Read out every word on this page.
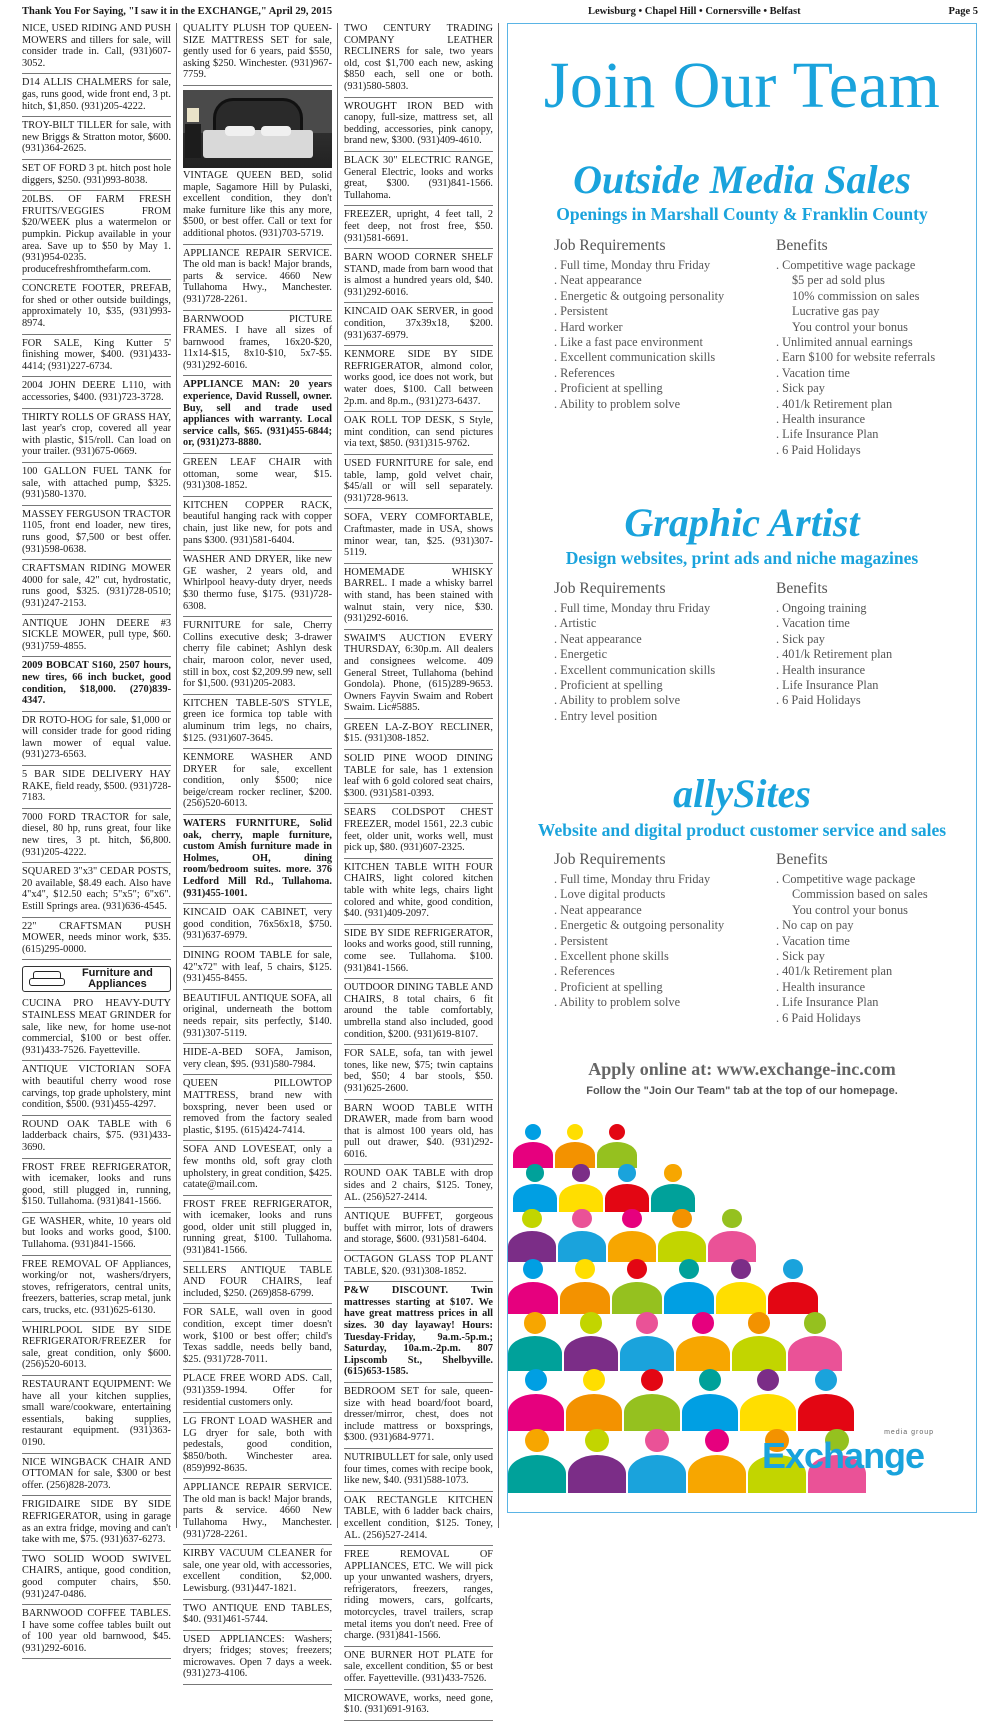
Thank You For Saying, "I saw it in the EXCHANGE," April 29, 2015	Lewisburg • Chapel Hill • Cornersville • Belfast	Page 5
NICE, USED RIDING AND PUSH MOWERS and tillers for sale, will consider trade in. Call, (931)607-3052.
D14 ALLIS CHALMERS for sale, gas, runs good, wide front end, 3 pt. hitch, $1,850. (931)205-4222.
TROY-BILT TILLER for sale, with new Briggs & Stratton motor, $600. (931)364-2625.
SET OF FORD 3 pt. hitch post hole diggers, $250. (931)993-8038.
20LBS. OF FARM FRESH FRUITS/VEGGIES FROM $20/WEEK plus a watermelon or pumpkin. Pickup available in your area. Save up to $50 by May 1. (931)954-0235. producefreshfromthefarm.com.
CONCRETE FOOTER, PREFAB, for shed or other outside buildings, approximately 10, $35, (931)993-8974.
FOR SALE, King Kutter 5' finishing mower, $400. (931)433-4414; (931)227-6734.
2004 JOHN DEERE L110, with accessories, $400. (931)723-3728.
THIRTY ROLLS OF GRASS HAY, last year's crop, covered all year with plastic, $15/roll. Can load on your trailer. (931)675-0669.
100 GALLON FUEL TANK for sale, with attached pump, $325. (931)580-1370.
MASSEY FERGUSON TRACTOR 1105, front end loader, new tires, runs good, $7,500 or best offer. (931)598-0638.
CRAFTSMAN RIDING MOWER 4000 for sale, 42" cut, hydrostatic, runs good, $325. (931)728-0510; (931)247-2153.
ANTIQUE JOHN DEERE #3 SICKLE MOWER, pull type, $60. (931)759-4855.
2009 BOBCAT S160, 2507 hours, new tires, 66 inch bucket, good condition, $18,000. (270)839-4347.
DR ROTO-HOG for sale, $1,000 or will consider trade for good riding lawn mower of equal value. (931)273-6563.
5 BAR SIDE DELIVERY HAY RAKE, field ready, $500. (931)728-7183.
7000 FORD TRACTOR for sale, diesel, 80 hp, runs great, four like new tires, 3 pt. hitch, $6,800. (931)205-4222.
SQUARED 3"x3" CEDAR POSTS, 20 available, $8.49 each. Also have 4"x4", $12.50 each; 5"x5"; 6"x6". Estill Springs area. (931)636-4545.
22" CRAFTSMAN PUSH MOWER, needs minor work, $35. (615)295-0000.
Furniture and Appliances
CUCINA PRO HEAVY-DUTY STAINLESS MEAT GRINDER for sale, like new, for home use-not commercial, $100 or best offer. (931)433-7526. Fayetteville.
ANTIQUE VICTORIAN SOFA with beautiful cherry wood rose carvings, top grade upholstery, mint condition, $500. (931)455-4297.
ROUND OAK TABLE with 6 ladderback chairs, $75. (931)433-3690.
FROST FREE REFRIGERATOR, with icemaker, looks and runs good, still plugged in, running, $150. Tullahoma. (931)841-1566.
GE WASHER, white, 10 years old but looks and works good, $100. Tullahoma. (931)841-1566.
FREE REMOVAL OF Appliances, working/or not, washers/dryers, stoves, refrigerators, central units, freezers, batteries, scrap metal, junk cars, trucks, etc. (931)625-6130.
WHIRLPOOL SIDE BY SIDE REFRIGERATOR/FREEZER for sale, great condition, only $600. (256)520-6013.
RESTAURANT EQUIPMENT: We have all your kitchen supplies, small ware/cookware, entertaining essentials, baking supplies, restaurant equipment. (931)363-0190.
NICE WINGBACK CHAIR AND OTTOMAN for sale, $300 or best offer. (256)828-2073.
FRIGIDAIRE SIDE BY SIDE REFRIGERATOR, using in garage as an extra fridge, moving and can't take with me, $75. (931)637-6273.
TWO SOLID WOOD SWIVEL CHAIRS, antique, good condition, good computer chairs, $50. (931)247-0486.
BARNWOOD COFFEE TABLES. I have some coffee tables built out of 100 year old barnwood, $45. (931)292-6016.
QUALITY PLUSH TOP QUEEN-SIZE MATTRESS SET for sale, gently used for 6 years, paid $550, asking $250. Winchester. (931)967-7759.
VINTAGE QUEEN BED, solid maple, Sagamore Hill by Pulaski, excellent condition, they don't make furniture like this any more, $500, or best offer. Call or text for additional photos. (931)703-5719.
APPLIANCE REPAIR SERVICE. The old man is back! Major brands, parts & service. 4660 New Tullahoma Hwy., Manchester. (931)728-2261.
BARNWOOD PICTURE FRAMES. I have all sizes of barnwood frames, 16x20-$20, 11x14-$15, 8x10-$10, 5x7-$5. (931)292-6016.
APPLIANCE MAN: 20 years experience, David Russell, owner. Buy, sell and trade used appliances with warranty. Local service calls, $65. (931)455-6844; or, (931)273-8880.
GREEN LEAF CHAIR with ottoman, some wear, $15. (931)308-1852.
KITCHEN COPPER RACK, beautiful hanging rack with copper chain, just like new, for pots and pans $300. (931)581-6404.
WASHER AND DRYER, like new GE washer, 2 years old, and Whirlpool heavy-duty dryer, needs $30 thermo fuse, $175. (931)728-6308.
FURNITURE for sale, Cherry Collins executive desk; 3-drawer cherry file cabinet; Ashlyn desk chair, maroon color, never used, still in box, cost $2,209.99 new, sell for $1,500. (931)205-2083.
KITCHEN TABLE-50'S STYLE, green ice formica top table with aluminum trim legs, no chairs, $125. (931)607-3645.
KENMORE WASHER AND DRYER for sale, excellent condition, only $500; nice beige/cream rocker recliner, $200. (256)520-6013.
WATERS FURNITURE, Solid oak, cherry, maple furniture, custom Amish furniture made in Holmes, OH, dining room/bedroom suites. more. 376 Ledford Mill Rd., Tullahoma. (931)455-1001.
KINCAID OAK CABINET, very good condition, 76x56x18, $750. (931)637-6979.
DINING ROOM TABLE for sale, 42"x72" with leaf, 5 chairs, $125. (931)455-8455.
BEAUTIFUL ANTIQUE SOFA, all original, underneath the bottom needs repair, sits perfectly, $140. (931)307-5119.
HIDE-A-BED SOFA, Jamison, very clean, $95. (931)580-7984.
QUEEN PILLOWTOP MATTRESS, brand new with boxspring, never been used or removed from the factory sealed plastic, $195. (615)424-7414.
SOFA AND LOVESEAT, only a few months old, soft gray cloth upholstery, in great condition, $425. catate@mail.com.
FROST FREE REFRIGERATOR, with icemaker, looks and runs good, older unit still plugged in, running great, $100. Tullahoma. (931)841-1566.
SELLERS ANTIQUE TABLE AND FOUR CHAIRS, leaf included, $250. (269)858-6799.
FOR SALE, wall oven in good condition, except timer doesn't work, $100 or best offer; child's Texas saddle, needs belly band, $25. (931)728-7011.
PLACE FREE WORD ADS. Call, (931)359-1994. Offer for residential customers only.
LG FRONT LOAD WASHER and LG dryer for sale, both with pedestals, good condition, $850/both. Winchester area. (859)992-8635.
APPLIANCE REPAIR SERVICE. The old man is back! Major brands, parts & service. 4660 New Tullahoma Hwy., Manchester. (931)728-2261.
KIRBY VACUUM CLEANER for sale, one year old, with accessories, excellent condition, $2,000. Lewisburg. (931)447-1821.
TWO ANTIQUE END TABLES, $40. (931)461-5744.
USED APPLIANCES: Washers; dryers; fridges; stoves; freezers; microwaves. Open 7 days a week. (931)273-4106.
TWO CENTURY TRADING COMPANY LEATHER RECLINERS for sale, two years old, cost $1,700 each new, asking $850 each, sell one or both. (931)580-5803.
WROUGHT IRON BED with canopy, full-size, mattress set, all bedding, accessories, pink canopy, brand new, $300. (931)409-4610.
BLACK 30" ELECTRIC RANGE, General Electric, looks and works great, $300. (931)841-1566. Tullahoma.
FREEZER, upright, 4 feet tall, 2 feet deep, not frost free, $50. (931)581-6691.
BARN WOOD CORNER SHELF STAND, made from barn wood that is almost a hundred years old, $40. (931)292-6016.
KINCAID OAK SERVER, in good condition, 37x39x18, $200. (931)637-6979.
KENMORE SIDE BY SIDE REFRIGERATOR, almond color, works good, ice does not work, but water does, $100. Call between 2p.m. and 8p.m., (931)273-6437.
OAK ROLL TOP DESK, S Style, mint condition, can send pictures via text, $850. (931)315-9762.
USED FURNITURE for sale, end table, lamp, gold velvet chair, $45/all or will sell separately. (931)728-9613.
SOFA, VERY COMFORTABLE, Craftmaster, made in USA, shows minor wear, tan, $25. (931)307-5119.
HOMEMADE WHISKY BARREL. I made a whisky barrel with stand, has been stained with walnut stain, very nice, $30. (931)292-6016.
SWAIM'S AUCTION EVERY THURSDAY, 6:30p.m. All dealers and consignees welcome. 409 General Street, Tullahoma (behind Gondola). Phone, (615)289-9653. Owners Fayvin Swaim and Robert Swaim. Lic#5885.
GREEN LA-Z-BOY RECLINER, $15. (931)308-1852.
SOLID PINE WOOD DINING TABLE for sale, has 1 extension leaf with 6 gold colored seat chairs, $300. (931)581-0393.
SEARS COLDSPOT CHEST FREEZER, model 1561, 22.3 cubic feet, older unit, works well, must pick up, $80. (931)607-2325.
KITCHEN TABLE WITH FOUR CHAIRS, light colored kitchen table with white legs, chairs light colored and white, good condition, $40. (931)409-2097.
SIDE BY SIDE REFRIGERATOR, looks and works good, still running, come see. Tullahoma. $100. (931)841-1566.
OUTDOOR DINING TABLE AND CHAIRS, 8 total chairs, 6 fit around the table comfortably, umbrella stand also included, good condition, $200. (931)619-8107.
FOR SALE, sofa, tan with jewel tones, like new, $75; twin captains bed, $50; 4 bar stools, $50. (931)625-2600.
BARN WOOD TABLE WITH DRAWER, made from barn wood that is almost 100 years old, has pull out drawer, $40. (931)292-6016.
ROUND OAK TABLE with drop sides and 2 chairs, $125. Toney, AL. (256)527-2414.
ANTIQUE BUFFET, gorgeous buffet with mirror, lots of drawers and storage, $600. (931)581-6404.
OCTAGON GLASS TOP PLANT TABLE, $20. (931)308-1852.
P&W DISCOUNT. Twin mattresses starting at $107. We have great mattress prices in all sizes. 30 day layaway! Hours: Tuesday-Friday, 9a.m.-5p.m.; Saturday, 10a.m.-2p.m. 807 Lipscomb St., Shelbyville. (615)653-1585.
BEDROOM SET for sale, queen-size with head board/foot board, dresser/mirror, chest, does not include mattress or boxsprings, $300. (931)684-9771.
NUTRIBULLET for sale, only used four times, comes with recipe book, like new, $40. (931)588-1073.
OAK RECTANGLE KITCHEN TABLE, with 6 ladder back chairs, excellent condition, $125. Toney, AL. (256)527-2414.
FREE REMOVAL OF APPLIANCES, ETC. We will pick up your unwanted washers, dryers, refrigerators, freezers, ranges, riding mowers, cars, golfcarts, motorcycles, travel trailers, scrap metal items you don't need. Free of charge. (931)841-1566.
ONE BURNER HOT PLATE for sale, excellent condition, $5 or best offer. Fayetteville. (931)433-7526.
MICROWAVE, works, need gone, $10. (931)691-9163.
Join Our Team
Outside Media Sales
Openings in Marshall County & Franklin County
Job Requirements
. Full time, Monday thru Friday
. Neat appearance
. Energetic & outgoing personality
. Persistent
. Hard worker
. Like a fast pace environment
. Excellent communication skills
. References
. Proficient at spelling
. Ability to problem solve
Benefits
. Competitive wage package
$5 per ad sold plus
10% commission on sales
Lucrative gas pay
You control your bonus
. Unlimited annual earnings
. Earn $100 for website referrals
. Vacation time
. Sick pay
. 401/k Retirement plan
. Health insurance
. Life Insurance Plan
. 6 Paid Holidays
Graphic Artist
Design websites, print ads and niche magazines
Job Requirements
. Full time, Monday thru Friday
. Artistic
. Neat appearance
. Energetic
. Excellent communication skills
. Proficient at spelling
. Ability to problem solve
. Entry level position
Benefits
. Ongoing training
. Vacation time
. Sick pay
. 401/k Retirement plan
. Health insurance
. Life Insurance Plan
. 6 Paid Holidays
allySites
Website and digital product customer service and sales
Job Requirements
. Full time, Monday thru Friday
. Love digital products
. Neat appearance
. Energetic & outgoing personality
. Persistent
. Excellent phone skills
. References
. Proficient at spelling
. Ability to problem solve
Benefits
. Competitive wage package
Commission based on sales
You control your bonus
. No cap on pay
. Vacation time
. Sick pay
. 401/k Retirement plan
. Health insurance
. Life Insurance Plan
. 6 Paid Holidays
Apply online at: www.exchange-inc.com
Follow the "Join Our Team" tab at the top of our homepage.
media group
Exchange
